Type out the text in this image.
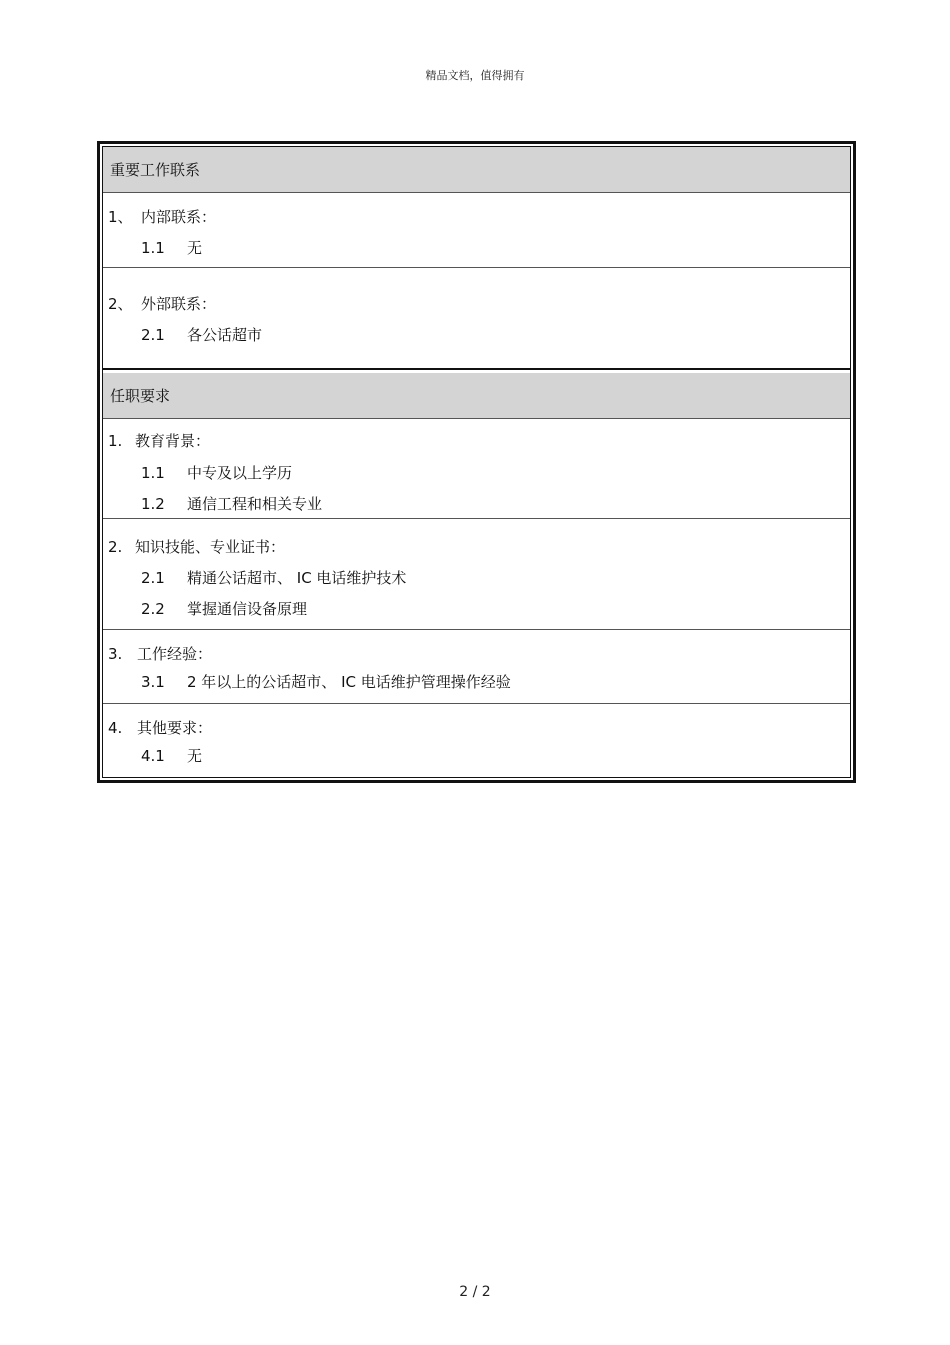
精品文档，值得拥有
重要工作联系
1、 内部联系：
1.1 无
2、 外部联系：
2.1 各公话超市
任职要求
1. 教育背景：
1.1 中专及以上学历
1.2 通信工程和相关专业
2. 知识技能、专业证书：
2.1 精通公话超市、 IC 电话维护技术
2.2 掌握通信设备原理
3. 工作经验：
3.1 2 年以上的公话超市、 IC 电话维护管理操作经验
4. 其他要求：
4.1 无
2 / 2
